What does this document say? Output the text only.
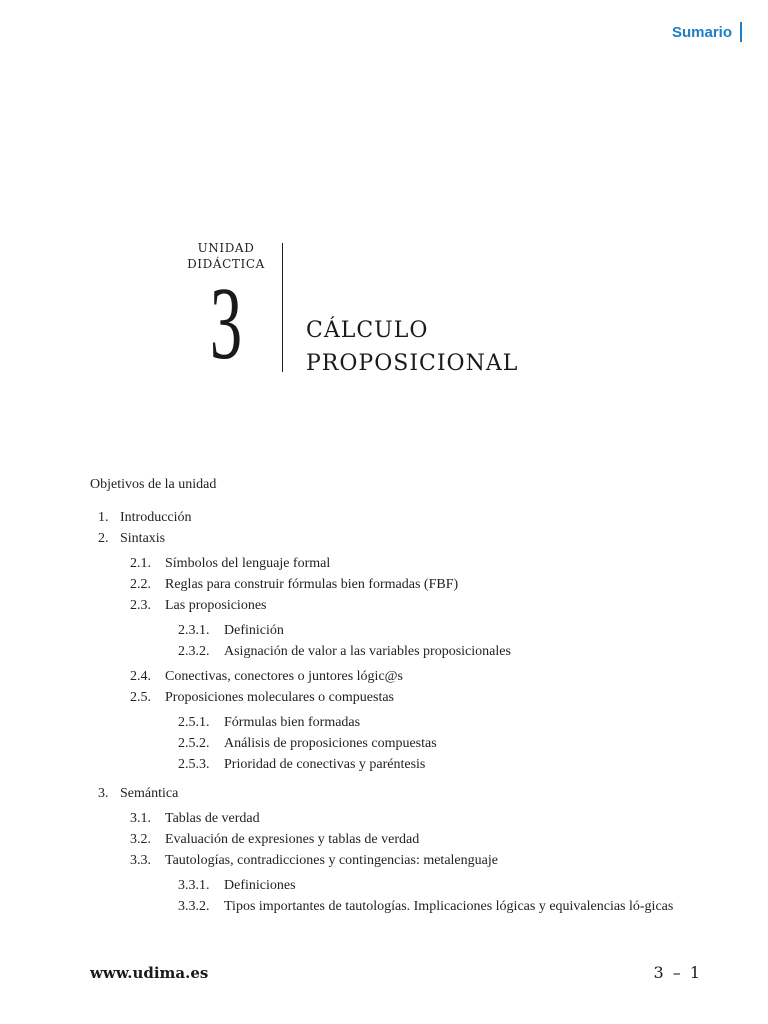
Sumario
UNIDAD
DIDÁCTICA
3	CÁLCULO
PROPOSICIONAL
Objetivos de la unidad
1. Introducción
2. Sintaxis
2.1.	Símbolos del lenguaje formal
2.2.	Reglas para construir fórmulas bien formadas (FBF)
2.3.	Las proposiciones
2.3.1.	Definición
2.3.2.	Asignación de valor a las variables proposicionales
2.4.	Conectivas, conectores o juntores lógic@s
2.5.	Proposiciones moleculares o compuestas
2.5.1.	Fórmulas bien formadas
2.5.2.	Análisis de proposiciones compuestas
2.5.3.	Prioridad de conectivas y paréntesis
3. Semántica
3.1.	Tablas de verdad
3.2.	Evaluación de expresiones y tablas de verdad
3.3.	Tautologías, contradicciones y contingencias: metalenguaje
3.3.1.	Definiciones
3.3.2.	Tipos importantes de tautologías. Implicaciones lógicas y equivalencias ló-gicas
www.udima.es	3 – 1
